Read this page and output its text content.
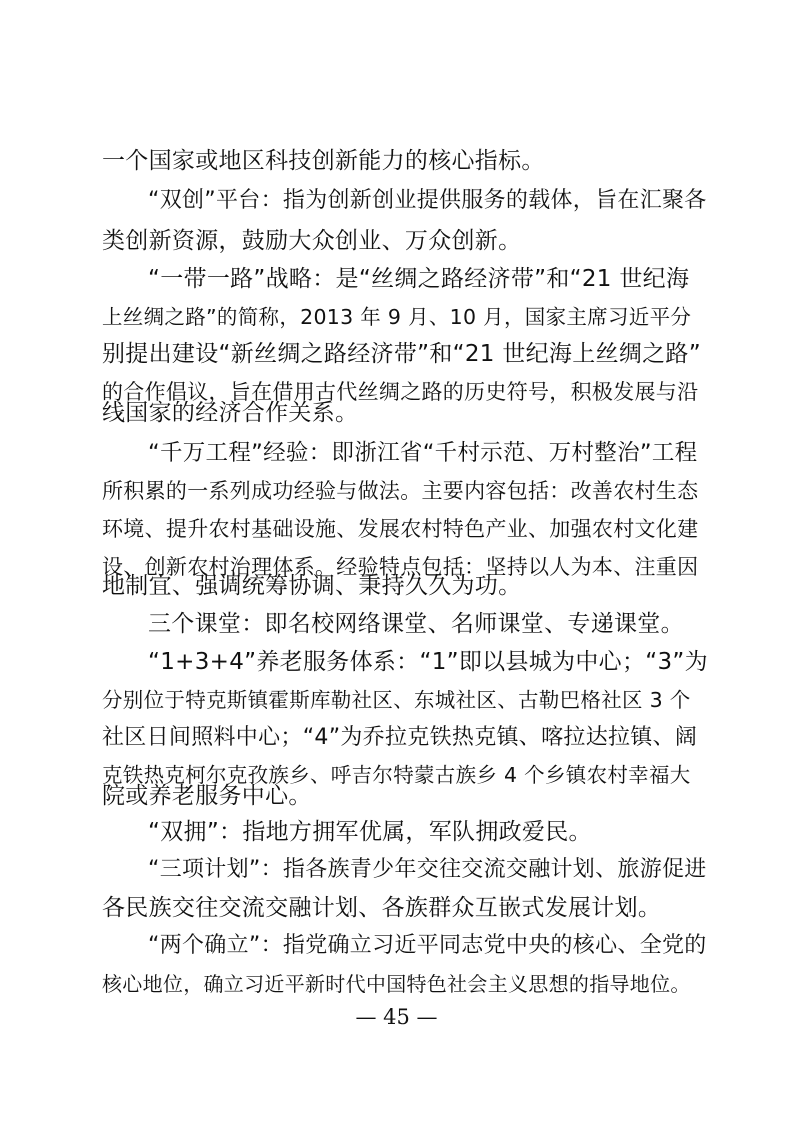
一个国家或地区科技创新能力的核心指标。
“双创”平台：指为创新创业提供服务的载体，旨在汇聚各
类创新资源，鼓励大众创业、万众创新。
“一带一路”战略：是“丝绸之路经济带”和“21 世纪海
上丝绸之路”的简称，2013 年 9 月、10 月，国家主席习近平分
别提出建设“新丝绸之路经济带”和“21 世纪海上丝绸之路”
的合作倡议，旨在借用古代丝绸之路的历史符号，积极发展与沿
线国家的经济合作关系。
“千万工程”经验：即浙江省“千村示范、万村整治”工程
所积累的一系列成功经验与做法。主要内容包括：改善农村生态
环境、提升农村基础设施、发展农村特色产业、加强农村文化建
设、创新农村治理体系。经验特点包括：坚持以人为本、注重因
地制宜、强调统筹协调、秉持久久为功。
三个课堂：即名校网络课堂、名师课堂、专递课堂。
“1+3+4”养老服务体系：“1”即以县城为中心；“3”为
分别位于特克斯镇霍斯库勒社区、东城社区、古勒巴格社区 3 个
社区日间照料中心；“4”为乔拉克铁热克镇、喀拉达拉镇、阔
克铁热克柯尔克孜族乡、呼吉尔特蒙古族乡 4 个乡镇农村幸福大
院或养老服务中心。
“双拥”：指地方拥军优属，军队拥政爱民。
“三项计划”：指各族青少年交往交流交融计划、旅游促进
各民族交往交流交融计划、各族群众互嵌式发展计划。
“两个确立”：指党确立习近平同志党中央的核心、全党的
核心地位，确立习近平新时代中国特色社会主义思想的指导地位。
— 45 —
